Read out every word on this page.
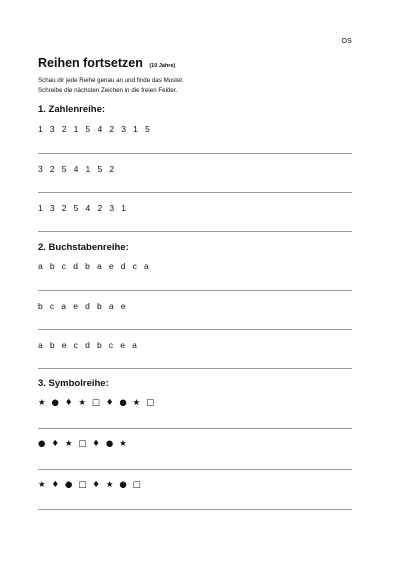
OS
Reihen fortsetzen (10 Jahre)
Schau dir jede Reihe genau an und finde das Muster.
Schreibe die nächsten Zeichen in die freien Felder.
1. Zahlenreihe:
1 3 2 1 5 4 2 3 1 5
3 2 5 4 1 5 2
1 3 2 5 4 2 3 1
2. Buchstabenreihe:
a b c d b a e d c a
b c a e d b a e
a b e c d b c e a
3. Symbolreihe:
★ ● ♦ ★ □ ♦ ● ★ □
● ♦ ★ □ ♦ ● ★
★ ♦ ● □ ♦ ★ ● □
